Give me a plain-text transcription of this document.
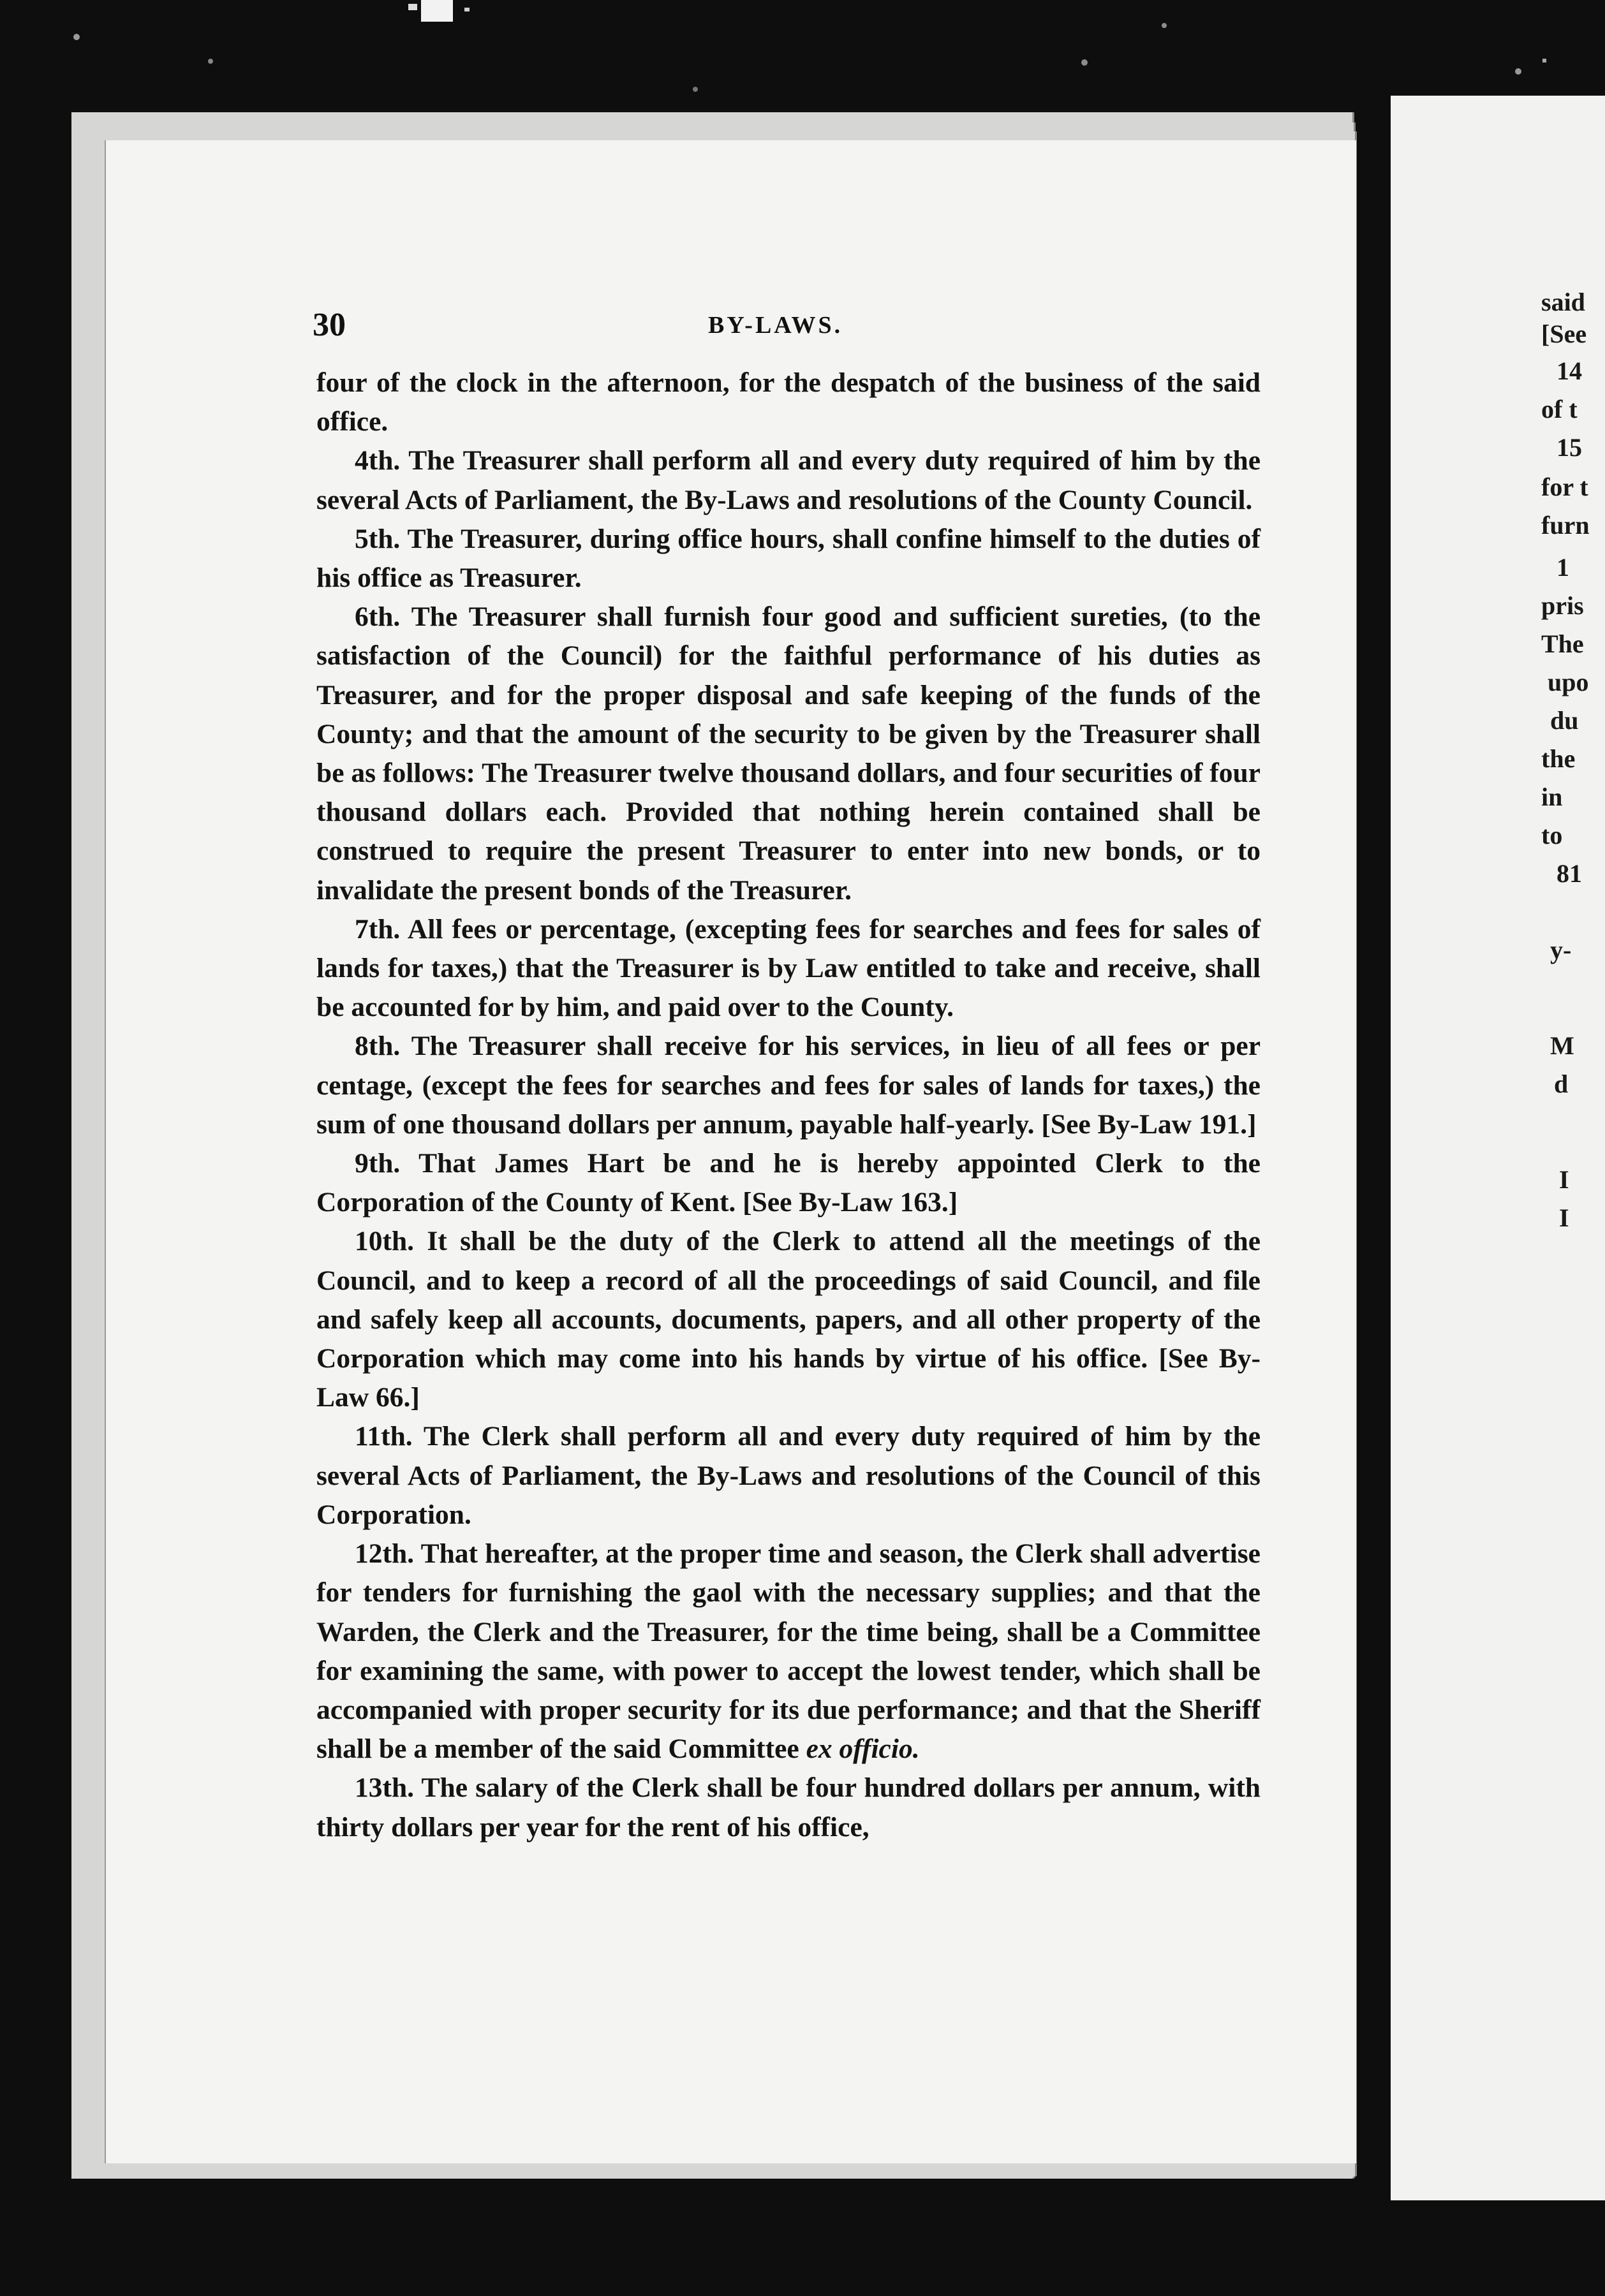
30	BY-LAWS.

four of the clock in the afternoon, for the despatch of the business of the said office.

4th. The Treasurer shall perform all and every duty required of him by the several Acts of Parliament, the By-Laws and resolutions of the County Council.

5th. The Treasurer, during office hours, shall confine himself to the duties of his office as Treasurer.

6th. The Treasurer shall furnish four good and sufficient sureties, (to the satisfaction of the Council) for the faithful performance of his duties as Treasurer, and for the proper disposal and safe keeping of the funds of the County; and that the amount of the security to be given by the Treasurer shall be as follows: The Treasurer twelve thousand dollars, and four securities of four thousand dollars each. Provided that nothing herein contained shall be construed to require the present Treasurer to enter into new bonds, or to invalidate the present bonds of the Treasurer.

7th. All fees or percentage, (excepting fees for searches and fees for sales of lands for taxes,) that the Treasurer is by Law entitled to take and receive, shall be accounted for by him, and paid over to the County.

8th. The Treasurer shall receive for his services, in lieu of all fees or per centage, (except the fees for searches and fees for sales of lands for taxes,) the sum of one thousand dollars per annum, payable half-yearly. [See By-Law 191.]

9th. That James Hart be and he is hereby appointed Clerk to the Corporation of the County of Kent. [See By-Law 163.]

10th. It shall be the duty of the Clerk to attend all the meetings of the Council, and to keep a record of all the proceedings of said Council, and file and safely keep all accounts, documents, papers, and all other property of the Corporation which may come into his hands by virtue of his office. [See By-Law 66.]

11th. The Clerk shall perform all and every duty required of him by the several Acts of Parliament, the By-Laws and resolutions of the Council of this Corporation.

12th. That hereafter, at the proper time and season, the Clerk shall advertise for tenders for furnishing the gaol with the necessary supplies; and that the Warden, the Clerk and the Treasurer, for the time being, shall be a Committee for examining the same, with power to accept the lowest tender, which shall be accompanied with proper security for its due performance; and that the Sheriff shall be a member of the said Committee ex officio.

13th. The salary of the Clerk shall be four hundred dollars per annum, with thirty dollars per year for the rent of his office,

said
[See
14
of t
15
for t
furn
1
pris
The
upo
du
the
in
to
81
y-
M
d
I
I
